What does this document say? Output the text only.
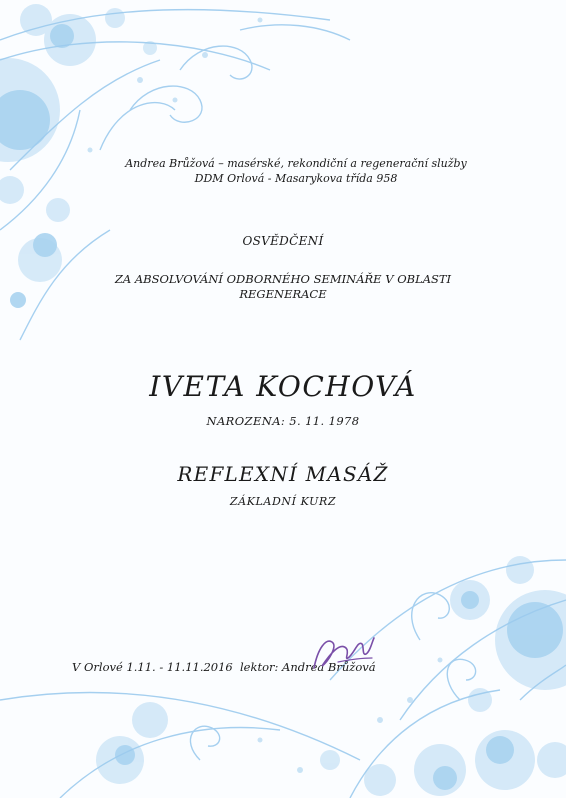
Andrea Brůžová – masérské, rekondiční a regenerační služby
DDM Orlová - Masarykova třída 958
OSVĚDČENÍ
ZA ABSOLVOVÁNÍ ODBORNÉHO SEMINÁŘE V OBLASTI
REGENERACE
IVETA KOCHOVÁ
NAROZENA: 5. 11. 1978
REFLEXNÍ MASÁŽ
ZÁKLADNÍ KURZ
V Orlové 1.11. - 11.11.2016 lektor: Andrea Brůžová
